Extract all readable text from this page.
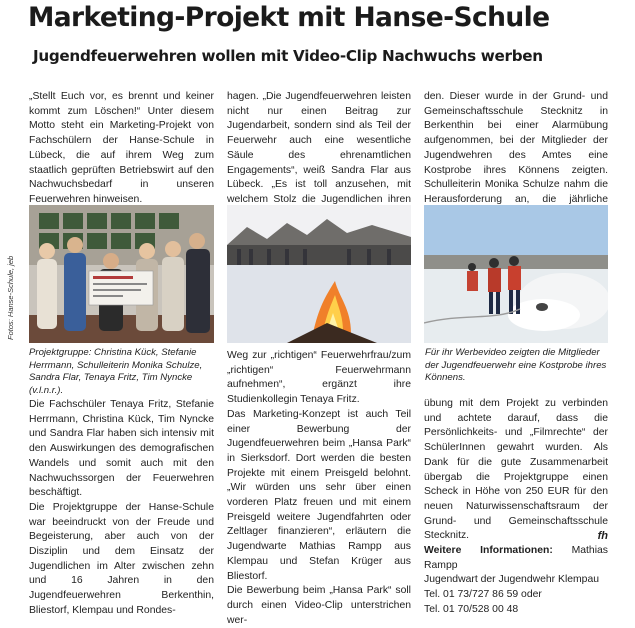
Marketing-Projekt mit Hanse-Schule
Jugendfeuerwehren wollen mit Video-Clip Nachwuchs werben

„Stellt Euch vor, es brennt und keiner kommt zum Löschen!“ Unter diesem Motto steht ein Marketing-Projekt von Fachschülern der Hanse-Schule in Lübeck, die auf ihrem Weg zum staatlich geprüften Betriebswirt auf den Nachwuchsbedarf in unseren Feuerwehren hinweisen.

hagen. „Die Jugendfeuerwehren leisten nicht nur einen Beitrag zur Jugendarbeit, sondern sind als Teil der Feuerwehr auch eine wesentliche Säule des ehrenamtlichen Engagements“, weiß Sandra Flar aus Lübeck. „Es ist toll anzusehen, mit welchem Stolz die Jugendlichen ihren

den. Dieser wurde in der Grund- und Gemeinschaftsschule Stecknitz in Berkenthin bei einer Alarmübung aufgenommen, bei der Mitglieder der Jugendwehren des Amtes eine Kostprobe ihres Könnens zeigten. Schulleiterin Monika Schulze nahm die Herausforderung an, die jährliche

Fotos: Hanse-Schule, jeb

Projektgruppe: Christina Kück, Stefanie Herrmann, Schulleiterin Monika Schulze, Sandra Flar, Tenaya Fritz, Tim Nyncke (v.l.n.r.).

Für ihr Werbevideo zeigten die Mitglieder der Jugendfeuerwehr eine Kostprobe ihres Könnens.

Die Fachschüler Tenaya Fritz, Stefanie Herrmann, Christina Kück, Tim Nyncke und Sandra Flar haben sich intensiv mit den Auswirkungen des demografischen Wandels und somit auch mit den Nachwuchssorgen der Feuerwehren beschäftigt.

Die Projektgruppe der Hanse-Schule war beeindruckt von der Freude und Begeisterung, aber auch von der Disziplin und dem Einsatz der Jugendlichen im Alter zwischen zehn und 16 Jahren in den Jugendfeuerwehren Berkenthin, Bliestorf, Klempau und Rondes-

Weg zur „richtigen“ Feuerwehrfrau/zum „richtigen“ Feuerwehrmann aufnehmen“, ergänzt ihre Studienkollegin Tenaya Fritz.

Das Marketing-Konzept ist auch Teil einer Bewerbung der Jugendfeuerwehren beim „Hansa Park“ in Sierksdorf. Dort werden die besten Projekte mit einem Preisgeld belohnt. „Wir würden uns sehr über einen vorderen Platz freuen und mit einem Preisgeld weitere Jugendfahrten oder Zeltlager finanzieren“, erläutern die Jugendwarte Mathias Rampp aus Klempau und Stefan Krüger aus Bliestorf.

Die Bewerbung beim „Hansa Park“ soll durch einen Video-Clip unterstrichen wer-

übung mit dem Projekt zu verbinden und achtete darauf, dass die Persönlichkeits- und „Filmrechte“ der SchülerInnen gewahrt wurden. Als Dank für die gute Zusammenarbeit übergab die Projektgruppe einen Scheck in Höhe von 250 EUR für den neuen Naturwissenschaftsraum der Grund- und Gemeinschaftsschule Stecknitz.	fh

Weitere Informationen: Mathias Rampp

Jugendwart der Jugendwehr Klempau

Tel. 01 73/727 86 59 oder

Tel. 01 70/528 00 48
